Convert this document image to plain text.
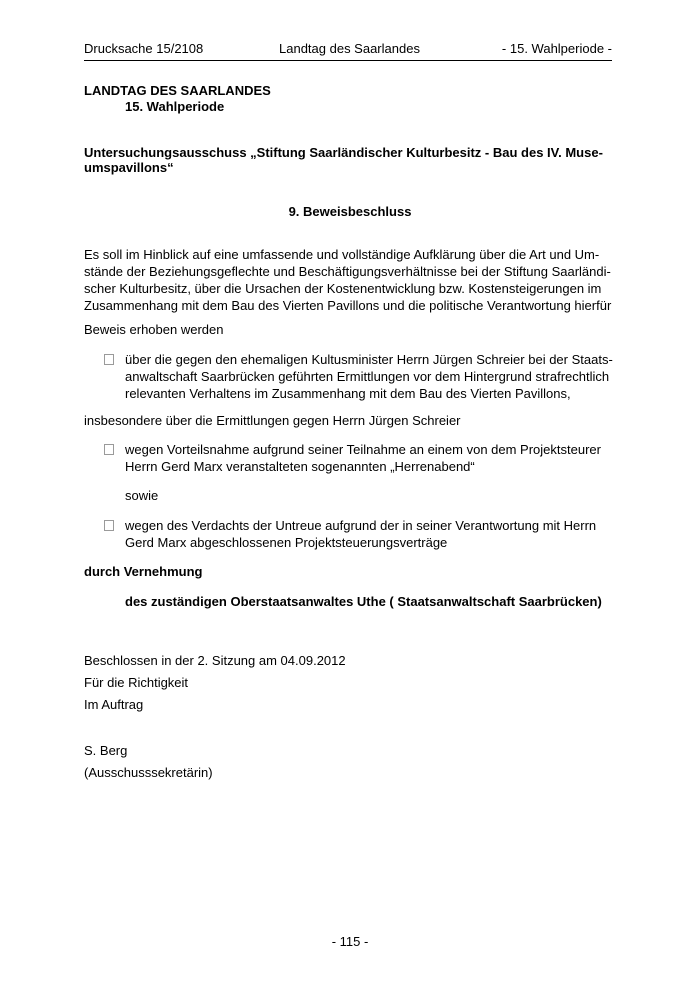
Drucksache 15/2108	Landtag des Saarlandes	- 15. Wahlperiode -
LANDTAG DES SAARLANDES
15. Wahlperiode
Untersuchungsausschuss „Stiftung Saarländischer Kulturbesitz - Bau des IV. Muse-
umspavillons“
9. Beweisbeschluss
Es soll im Hinblick auf eine umfassende und vollständige Aufklärung über die Art und Um-
stände der Beziehungsgeflechte und Beschäftigungsverhältnisse bei der Stiftung Saarländi-
scher Kulturbesitz, über die Ursachen der Kostenentwicklung bzw. Kostensteigerungen im
Zusammenhang mit dem Bau des Vierten Pavillons und die politische Verantwortung hierfür
Beweis erhoben werden
über die gegen den ehemaligen Kultusminister Herrn Jürgen Schreier bei der Staats-
anwaltschaft Saarbrücken geführten Ermittlungen vor dem Hintergrund strafrechtlich
relevanten Verhaltens im Zusammenhang mit dem Bau des Vierten Pavillons,
insbesondere über die Ermittlungen gegen Herrn Jürgen Schreier
wegen Vorteilsnahme aufgrund seiner Teilnahme an einem von dem Projektsteurer
Herrn Gerd Marx veranstalteten sogenannten „Herrenabend“
sowie
wegen des Verdachts der Untreue aufgrund der in seiner Verantwortung mit Herrn
Gerd Marx abgeschlossenen Projektsteuerungsverträge
durch Vernehmung
des zuständigen Oberstaatsanwaltes Uthe ( Staatsanwaltschaft Saarbrücken)
Beschlossen in der 2. Sitzung am 04.09.2012
Für die Richtigkeit
Im Auftrag
S. Berg
(Ausschusssekretärin)
- 115 -
